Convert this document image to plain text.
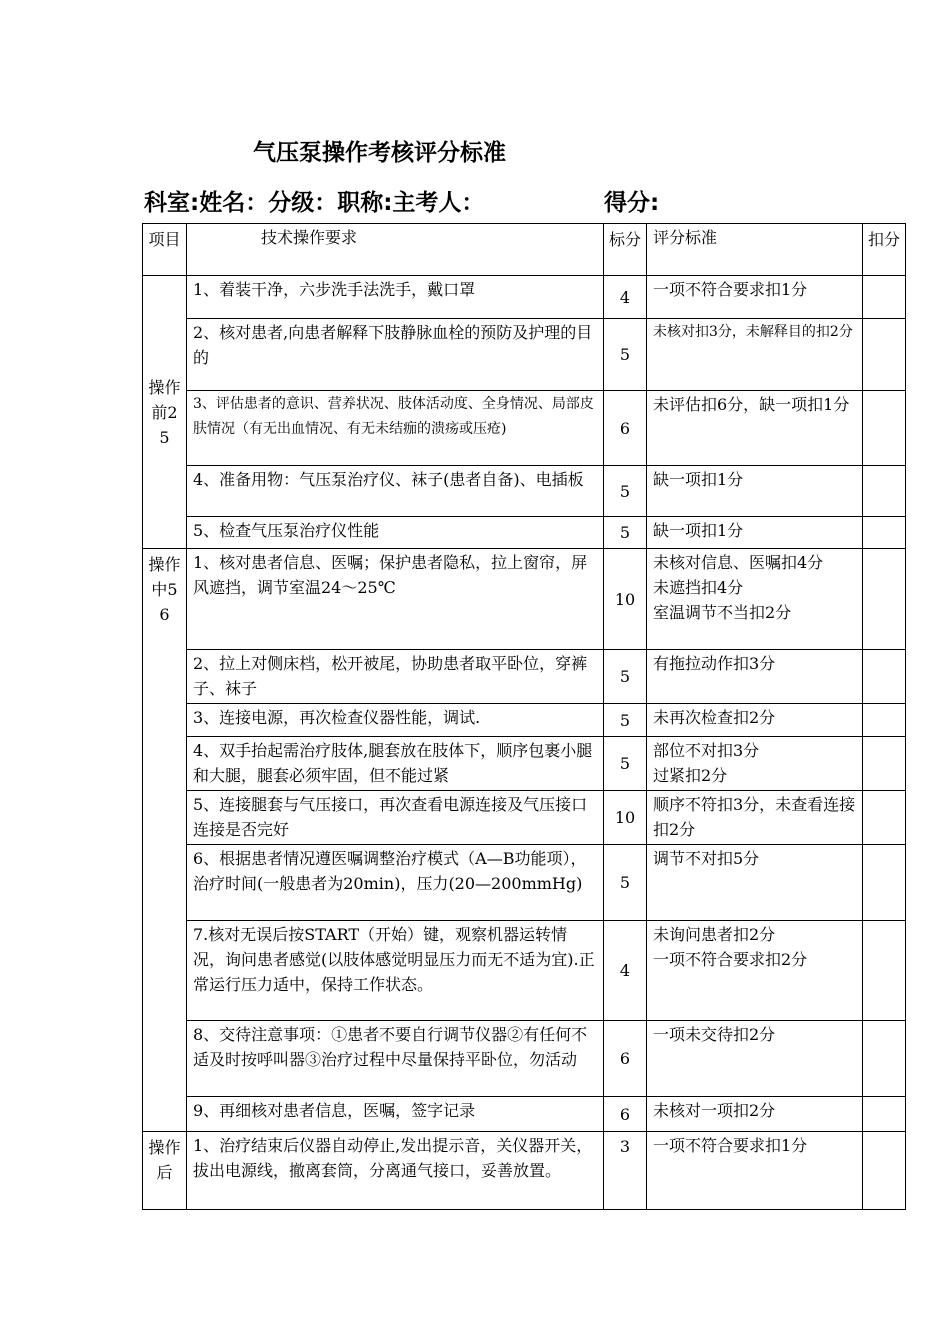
气压泵操作考核评分标准
科室:姓名：分级：职称:主考人：	得分:
项目	技术操作要求	标分	评分标准	扣分
操作前25	1、着装干净，六步洗手法洗手，戴口罩	4	一项不符合要求扣1分	
	2、核对患者,向患者解释下肢静脉血栓的预防及护理的目的	5	未核对扣3分，未解释目的扣2分	
	3、评估患者的意识、营养状况、肢体活动度、全身情况、局部皮肤情况（有无出血情况、有无未结痂的溃疡或压疮)	6	未评估扣6分，缺一项扣1分	
	4、准备用物：气压泵治疗仪、袜子(患者自备)、电插板	5	缺一项扣1分	
	5、检查气压泵治疗仪性能	5	缺一项扣1分	
操作中56	1、核对患者信息、医嘱；保护患者隐私，拉上窗帘，屏风遮挡，调节室温24～25℃	10	未核对信息、医嘱扣4分
未遮挡扣4分
室温调节不当扣2分	
	2、拉上对侧床档，松开被尾，协助患者取平卧位，穿裤子、袜子	5	有拖拉动作扣3分	
	3、连接电源，再次检查仪器性能，调试.	5	未再次检查扣2分	
	4、双手抬起需治疗肢体,腿套放在肢体下，顺序包裹小腿和大腿，腿套必须牢固，但不能过紧	5	部位不对扣3分
过紧扣2分	
	5、连接腿套与气压接口，再次查看电源连接及气压接口连接是否完好	10	顺序不符扣3分，未查看连接扣2分	
	6、根据患者情况遵医嘱调整治疗模式（A—B功能项），治疗时间(一般患者为20min)，压力(20—200mmHg)	5	调节不对扣5分	
	7.核对无误后按START（开始）键，观察机器运转情况，询问患者感觉(以肢体感觉明显压力而无不适为宜).正常运行压力适中，保持工作状态。	4	未询问患者扣2分
一项不符合要求扣2分	
	8、交待注意事项：①患者不要自行调节仪器②有任何不适及时按呼叫器③治疗过程中尽量保持平卧位，勿活动	6	一项未交待扣2分	
	9、再细核对患者信息，医嘱，签字记录	6	未核对一项扣2分	
操作后	1、治疗结束后仪器自动停止,发出提示音，关仪器开关，拔出电源线，撤离套筒，分离通气接口，妥善放置。	3	一项不符合要求扣1分	
